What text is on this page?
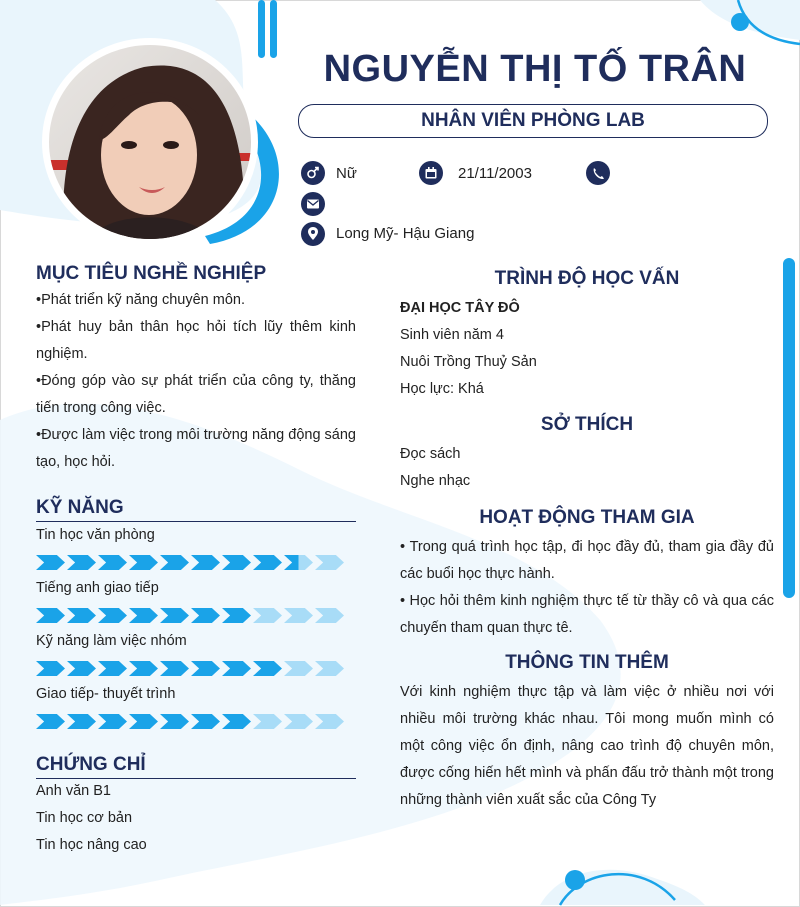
NGUYỄN THỊ TỐ TRÂN
NHÂN VIÊN PHÒNG LAB
Nữ	21/11/2003
Long Mỹ- Hậu Giang
MỤC TIÊU NGHỀ NGHIỆP
•Phát triển kỹ năng chuyên môn.
•Phát huy bản thân học hỏi tích lũy thêm kinh nghiệm.
•Đóng góp vào sự phát triển của công ty, thăng tiến trong công việc.
•Được làm việc trong môi trường năng động sáng tạo, học hỏi.
KỸ NĂNG
Tin học văn phòng
Tiếng anh giao tiếp
Kỹ năng làm việc nhóm
Giao tiếp- thuyết trình
CHỨNG CHỈ
Anh văn B1
Tin học cơ bản
Tin học nâng cao
TRÌNH ĐỘ HỌC VẤN
ĐẠI HỌC TÂY ĐÔ
Sinh viên năm 4
Nuôi Trồng Thuỷ Sản
Học lực: Khá
SỞ THÍCH
Đọc sách
Nghe nhạc
HOẠT ĐỘNG THAM GIA
• Trong quá trình học tập, đi học đầy đủ, tham gia đầy đủ các buổi học thực hành.
• Học hỏi thêm kinh nghiệm thực tế từ thầy cô và qua các chuyến tham quan thực tê.
THÔNG TIN THÊM
Với kinh nghiệm thực tập và làm việc ở nhiều nơi với nhiều môi trường khác nhau. Tôi mong muốn mình có một công việc ổn định, nâng cao trình độ chuyên môn, được cống hiến hết mình và phấn đấu trở thành một trong những thành viên xuất sắc của Công Ty
